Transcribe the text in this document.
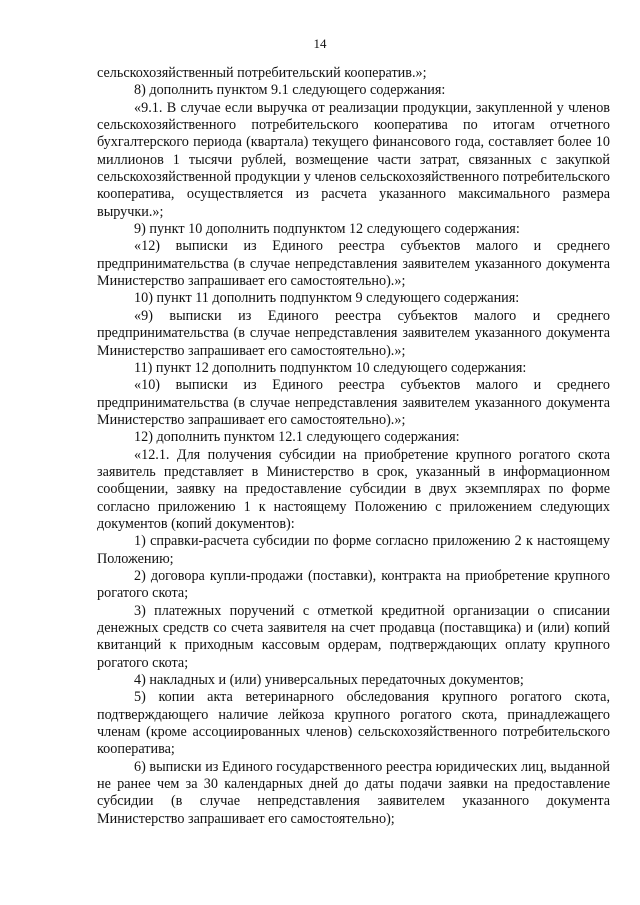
14

сельскохозяйственный потребительский кооператив.»;

8) дополнить пунктом 9.1 следующего содержания:

«9.1. В случае если выручка от реализации продукции, закупленной у членов сельскохозяйственного потребительского кооператива по итогам отчетного бухгалтерского периода (квартала) текущего финансового года, составляет более 10 миллионов 1 тысячи рублей, возмещение части затрат, связанных с закупкой сельскохозяйственной продукции у членов сельскохозяйственного потребительского кооператива, осуществляется из расчета указанного максимального размера выручки.»;

9) пункт 10 дополнить подпунктом 12 следующего содержания:

«12) выписки из Единого реестра субъектов малого и среднего предпринимательства (в случае непредставления заявителем указанного документа Министерство запрашивает его самостоятельно).»;

10) пункт 11 дополнить подпунктом 9 следующего содержания:

«9) выписки из Единого реестра субъектов малого и среднего предпринимательства (в случае непредставления заявителем указанного документа Министерство запрашивает его самостоятельно).»;

11) пункт 12 дополнить подпунктом 10 следующего содержания:

«10) выписки из Единого реестра субъектов малого и среднего предпринимательства (в случае непредставления заявителем указанного документа Министерство запрашивает его самостоятельно).»;

12) дополнить пунктом 12.1 следующего содержания:

«12.1. Для получения субсидии на приобретение крупного рогатого скота заявитель представляет в Министерство в срок, указанный в информационном сообщении, заявку на предоставление субсидии в двух экземплярах по форме согласно приложению 1 к настоящему Положению с приложением следующих документов (копий документов):

1) справки-расчета субсидии по форме согласно приложению 2 к настоящему Положению;

2) договора купли-продажи (поставки), контракта на приобретение крупного рогатого скота;

3) платежных поручений с отметкой кредитной организации о списании денежных средств со счета заявителя на счет продавца (поставщика) и (или) копий квитанций к приходным кассовым ордерам, подтверждающих оплату крупного рогатого скота;

4) накладных и (или) универсальных передаточных документов;

5) копии акта ветеринарного обследования крупного рогатого скота, подтверждающего наличие лейкоза крупного рогатого скота, принадлежащего членам (кроме ассоциированных членов) сельскохозяйственного потребительского кооператива;

6) выписки из Единого государственного реестра юридических лиц, выданной не ранее чем за 30 календарных дней до даты подачи заявки на предоставление субсидии (в случае непредставления заявителем указанного документа Министерство запрашивает его самостоятельно);
